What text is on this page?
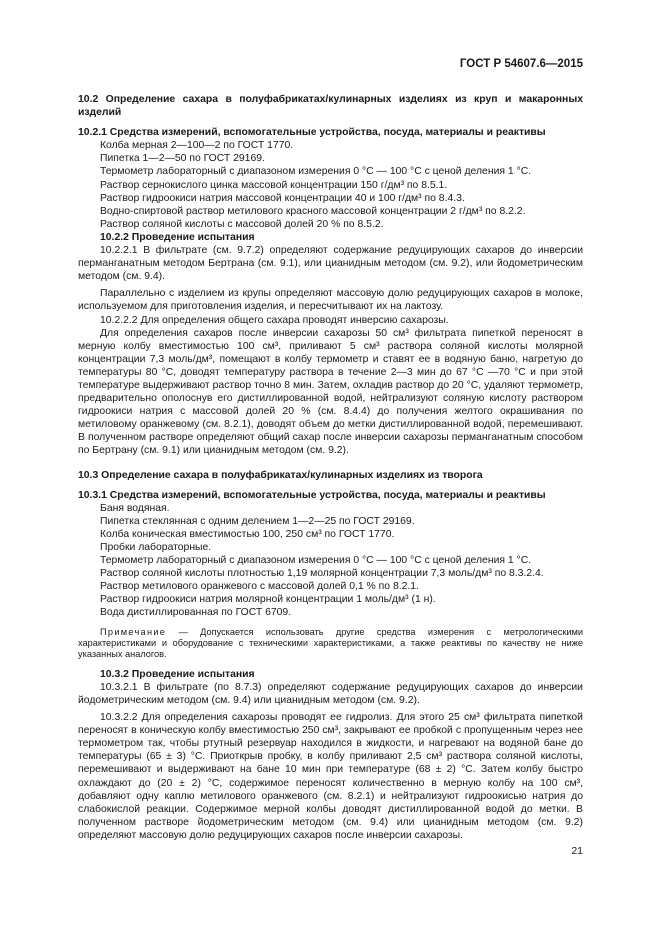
ГОСТ Р 54607.6—2015

10.2 Определение сахара в полуфабрикатах/кулинарных изделиях из круп и макаронных изделий

10.2.1 Средства измерений, вспомогательные устройства, посуда, материалы и реактивы

Колба мерная 2—100—2 по ГОСТ 1770.

Пипетка 1—2—50 по ГОСТ 29169.

Термометр лабораторный с диапазоном измерения 0 °С — 100 °С с ценой деления 1 °С.

Раствор сернокислого цинка массовой концентрации 150 г/дм³ по 8.5.1.

Раствор гидроокиси натрия массовой концентрации 40 и 100 г/дм³ по 8.4.3.

Водно-спиртовой раствор метилового красного массовой концентрации 2 г/дм³ по 8.2.2.

Раствор соляной кислоты с массовой долей 20 % по 8.5.2.

10.2.2 Проведение испытания

10.2.2.1 В фильтрате (см. 9.7.2) определяют содержание редуцирующих сахаров до инверсии перманганатным методом Бертрана (см. 9.1), или цианидным методом (см. 9.2), или йодометрическим методом (см. 9.4).

Параллельно с изделием из крупы определяют массовую долю редуцирующих сахаров в молоке, используемом для приготовления изделия, и пересчитывают их на лактозу.

10.2.2.2 Для определения общего сахара проводят инверсию сахарозы.

Для определения сахаров после инверсии сахарозы 50 см³ фильтрата пипеткой переносят в мерную колбу вместимостью 100 см³, приливают 5 см³ раствора соляной кислоты молярной концентрации 7,3 моль/дм³, помещают в колбу термометр и ставят ее в водяную баню, нагретую до температуры 80 °С, доводят температуру раствора в течение 2—3 мин до 67 °С —70 °С и при этой температуре выдерживают раствор точно 8 мин. Затем, охладив раствор до 20 °С, удаляют термометр, предварительно ополоснув его дистиллированной водой, нейтрализуют соляную кислоту раствором гидроокиси натрия с массовой долей 20 % (см. 8.4.4) до получения желтого окрашивания по метиловому оранжевому (см. 8.2.1), доводят объем до метки дистиллированной водой, перемешивают. В полученном растворе определяют общий сахар после инверсии сахарозы перманганатным способом по Бертрану (см. 9.1) или цианидным методом (см. 9.2).

10.3 Определение сахара в полуфабрикатах/кулинарных изделиях из творога

10.3.1 Средства измерений, вспомогательные устройства, посуда, материалы и реактивы

Баня водяная.

Пипетка стеклянная с одним делением 1—2—25 по ГОСТ 29169.

Колба коническая вместимостью 100, 250 см³ по ГОСТ 1770.

Пробки лабораторные.

Термометр лабораторный с диапазоном измерения 0 °С — 100 °С с ценой деления 1 °С.

Раствор соляной кислоты плотностью 1,19 молярной концентрации 7,3 моль/дм³ по 8.3.2.4.

Раствор метилового оранжевого с массовой долей 0,1 % по 8.2.1.

Раствор гидроокиси натрия молярной концентрации 1 моль/дм³ (1 н).

Вода дистиллированная по ГОСТ 6709.

Примечание — Допускается использовать другие средства измерения с метрологическими характеристиками и оборудование с техническими характеристиками, а также реактивы по качеству не ниже указанных аналогов.

10.3.2 Проведение испытания

10.3.2.1 В фильтрате (по 8.7.3) определяют содержание редуцирующих сахаров до инверсии йодометрическим методом (см. 9.4) или цианидным методом (см. 9.2).

10.3.2.2 Для определения сахарозы проводят ее гидролиз. Для этого 25 см³ фильтрата пипеткой переносят в коническую колбу вместимостью 250 см³, закрывают ее пробкой с пропущенным через нее термометром так, чтобы ртутный резервуар находился в жидкости, и нагревают на водяной бане до температуры (65 ± 3) °С. Приоткрыв пробку, в колбу приливают 2,5 см³ раствора соляной кислоты, перемешивают и выдерживают на бане 10 мин при температуре (68 ± 2) °С. Затем колбу быстро охлаждают до (20 ± 2) °С, содержимое переносят количественно в мерную колбу на 100 см³, добавляют одну каплю метилового оранжевого (см. 8.2.1) и нейтрализуют гидроокисью натрия до слабокислой реакции. Содержимое мерной колбы доводят дистиллированной водой до метки. В полученном растворе йодометрическим методом (см. 9.4) или цианидным методом (см. 9.2) определяют массовую долю редуцирующих сахаров после инверсии сахарозы.

21
